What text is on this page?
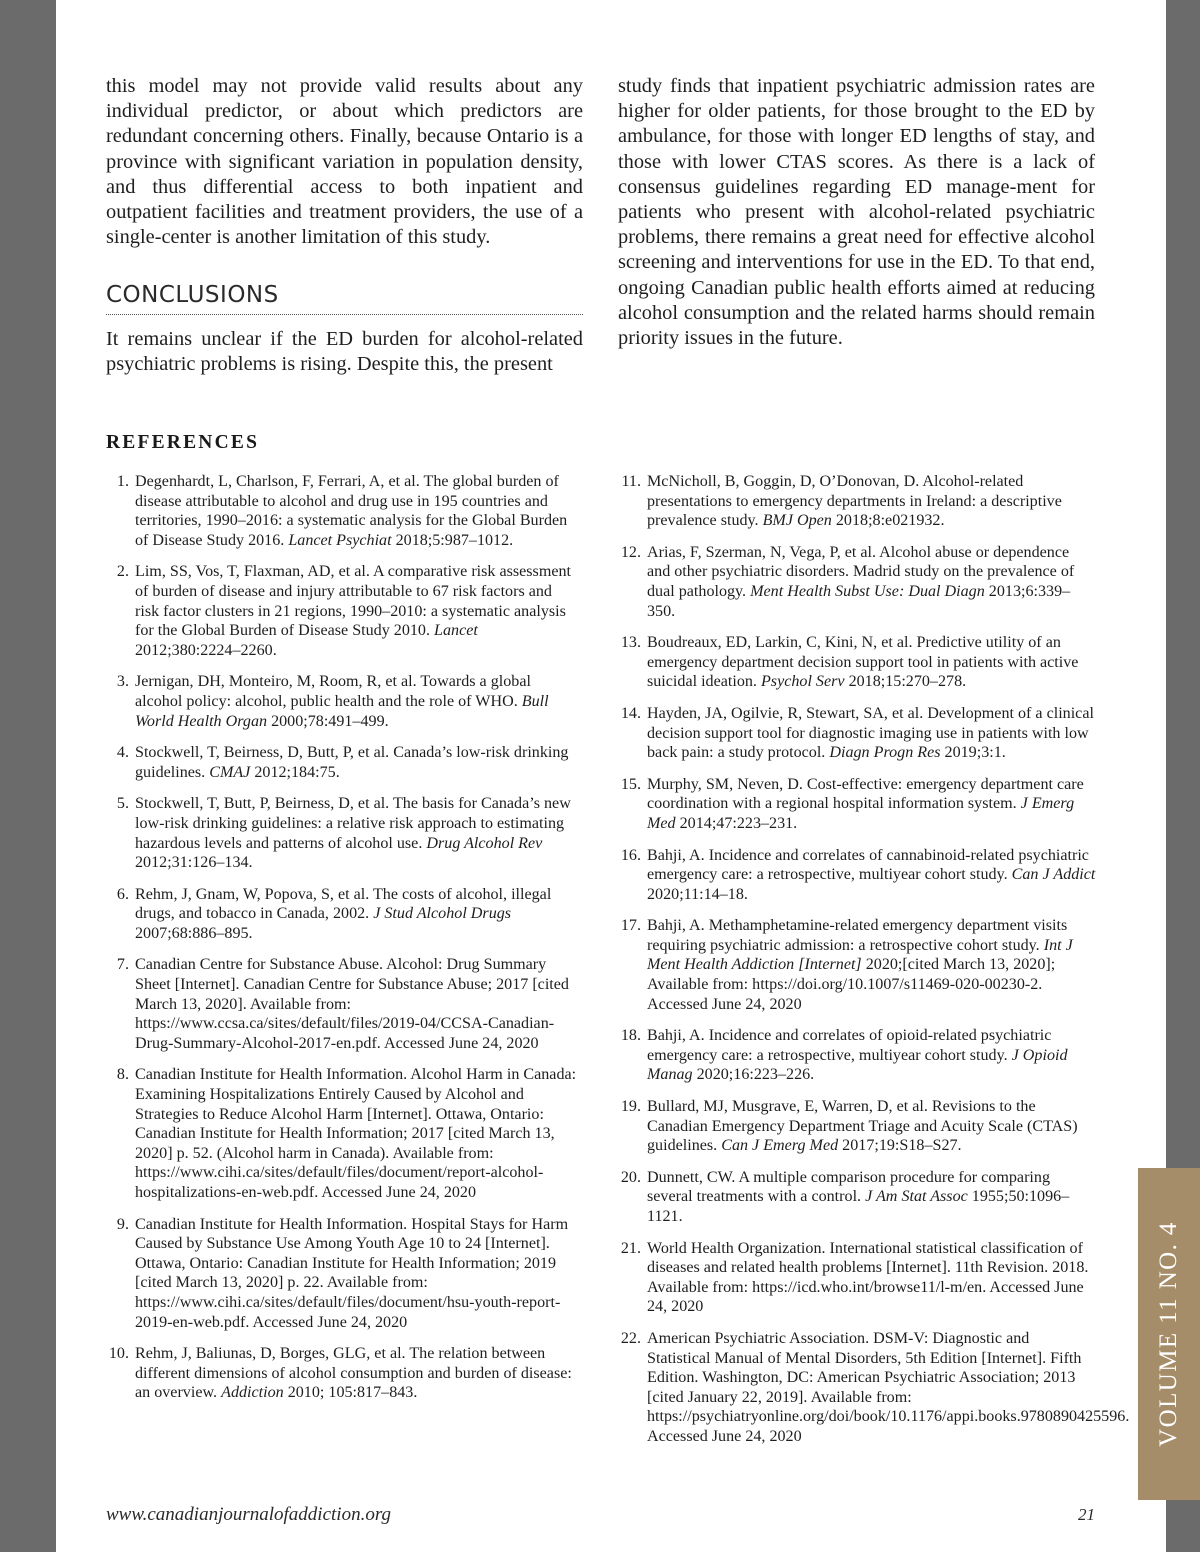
this model may not provide valid results about any individual predictor, or about which predictors are redundant concerning others. Finally, because Ontario is a province with significant variation in population density, and thus differential access to both inpatient and outpatient facilities and treatment providers, the use of a single-center is another limitation of this study.

study finds that inpatient psychiatric admission rates are higher for older patients, for those brought to the ED by ambulance, for those with longer ED lengths of stay, and those with lower CTAS scores. As there is a lack of consensus guidelines regarding ED manage-ment for patients who present with alcohol-related psychiatric problems, there remains a great need for effective alcohol screening and interventions for use in the ED. To that end, ongoing Canadian public health efforts aimed at reducing alcohol consumption and the related harms should remain priority issues in the future.

CONCLUSIONS

It remains unclear if the ED burden for alcohol-related psychiatric problems is rising. Despite this, the present

REFERENCES
1. Degenhardt, L, Charlson, F, Ferrari, A, et al. The global burden of disease attributable to alcohol and drug use in 195 countries and territories, 1990–2016: a systematic analysis for the Global Burden of Disease Study 2016. Lancet Psychiat 2018;5:987–1012.
2. Lim, SS, Vos, T, Flaxman, AD, et al. A comparative risk assessment of burden of disease and injury attributable to 67 risk factors and risk factor clusters in 21 regions, 1990–2010: a systematic analysis for the Global Burden of Disease Study 2010. Lancet 2012;380:2224–2260.
3. Jernigan, DH, Monteiro, M, Room, R, et al. Towards a global alcohol policy: alcohol, public health and the role of WHO. Bull World Health Organ 2000;78:491–499.
4. Stockwell, T, Beirness, D, Butt, P, et al. Canada’s low-risk drinking guidelines. CMAJ 2012;184:75.
5. Stockwell, T, Butt, P, Beirness, D, et al. The basis for Canada’s new low-risk drinking guidelines: a relative risk approach to estimating hazardous levels and patterns of alcohol use. Drug Alcohol Rev 2012;31:126–134.
6. Rehm, J, Gnam, W, Popova, S, et al. The costs of alcohol, illegal drugs, and tobacco in Canada, 2002. J Stud Alcohol Drugs 2007;68:886–895.
7. Canadian Centre for Substance Abuse. Alcohol: Drug Summary Sheet [Internet]. Canadian Centre for Substance Abuse; 2017 [cited March 13, 2020]. Available from: https://www.ccsa.ca/sites/default/files/2019-04/CCSA-Canadian-Drug-Summary-Alcohol-2017-en.pdf. Accessed June 24, 2020
8. Canadian Institute for Health Information. Alcohol Harm in Canada: Examining Hospitalizations Entirely Caused by Alcohol and Strategies to Reduce Alcohol Harm [Internet]. Ottawa, Ontario: Canadian Institute for Health Information; 2017 [cited March 13, 2020] p. 52. (Alcohol harm in Canada). Available from: https://www.cihi.ca/sites/default/files/document/report-alcohol-hospitalizations-en-web.pdf. Accessed June 24, 2020
9. Canadian Institute for Health Information. Hospital Stays for Harm Caused by Substance Use Among Youth Age 10 to 24 [Internet]. Ottawa, Ontario: Canadian Institute for Health Information; 2019 [cited March 13, 2020] p. 22. Available from: https://www.cihi.ca/sites/default/files/document/hsu-youth-report-2019-en-web.pdf. Accessed June 24, 2020
10. Rehm, J, Baliunas, D, Borges, GLG, et al. The relation between different dimensions of alcohol consumption and burden of disease: an overview. Addiction 2010; 105:817–843.
11. McNicholl, B, Goggin, D, O’Donovan, D. Alcohol-related presentations to emergency departments in Ireland: a descriptive prevalence study. BMJ Open 2018;8:e021932.
12. Arias, F, Szerman, N, Vega, P, et al. Alcohol abuse or dependence and other psychiatric disorders. Madrid study on the prevalence of dual pathology. Ment Health Subst Use: Dual Diagn 2013;6:339–350.
13. Boudreaux, ED, Larkin, C, Kini, N, et al. Predictive utility of an emergency department decision support tool in patients with active suicidal ideation. Psychol Serv 2018;15:270–278.
14. Hayden, JA, Ogilvie, R, Stewart, SA, et al. Development of a clinical decision support tool for diagnostic imaging use in patients with low back pain: a study protocol. Diagn Progn Res 2019;3:1.
15. Murphy, SM, Neven, D. Cost-effective: emergency department care coordination with a regional hospital information system. J Emerg Med 2014;47:223–231.
16. Bahji, A. Incidence and correlates of cannabinoid-related psychiatric emergency care: a retrospective, multiyear cohort study. Can J Addict 2020;11:14–18.
17. Bahji, A. Methamphetamine-related emergency department visits requiring psychiatric admission: a retrospective cohort study. Int J Ment Health Addiction [Internet] 2020;[cited March 13, 2020]; Available from: https://doi.org/10.1007/s11469-020-00230-2. Accessed June 24, 2020
18. Bahji, A. Incidence and correlates of opioid-related psychiatric emergency care: a retrospective, multiyear cohort study. J Opioid Manag 2020;16:223–226.
19. Bullard, MJ, Musgrave, E, Warren, D, et al. Revisions to the Canadian Emergency Department Triage and Acuity Scale (CTAS) guidelines. Can J Emerg Med 2017;19:S18–S27.
20. Dunnett, CW. A multiple comparison procedure for comparing several treatments with a control. J Am Stat Assoc 1955;50:1096–1121.
21. World Health Organization. International statistical classification of diseases and related health problems [Internet]. 11th Revision. 2018. Available from: https://icd.who.int/browse11/l-m/en. Accessed June 24, 2020
22. American Psychiatric Association. DSM-V: Diagnostic and Statistical Manual of Mental Disorders, 5th Edition [Internet]. Fifth Edition. Washington, DC: American Psychiatric Association; 2013 [cited January 22, 2019]. Available from: https://psychiatryonline.org/doi/book/10.1176/appi.books.9780890425596. Accessed June 24, 2020	VOLUME 11 NO. 4
www.canadianjournalofaddiction.org	21
